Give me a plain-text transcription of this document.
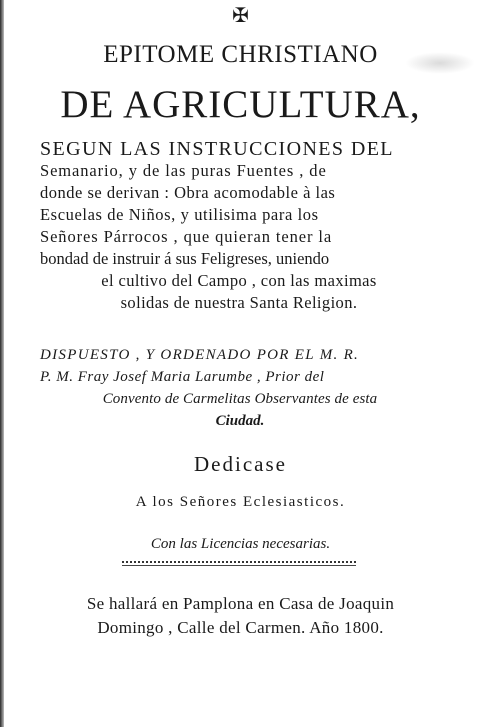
✠
EPITOME CHRISTIANO
DE AGRICULTURA,
SEGUN LAS INSTRUCCIONES DEL
Semanario, y de las puras Fuentes , de
donde se derivan : Obra acomodable à las
Escuelas de Niños, y utilisima para los
Señores Párrocos , que quieran tener la
bondad de instruir á sus Feligreses, uniendo
el cultivo del Campo , con las maximas
solidas de nuestra Santa Religion.
DISPUESTO , Y ORDENADO POR EL M. R.
P. M. Fray Josef Maria Larumbe , Prior del
Convento de Carmelitas Observantes de esta
Ciudad.
Dedicase
A los Señores Eclesiasticos.
Con las Licencias necesarias.
Se hallará en Pamplona en Casa de Joaquin
Domingo , Calle del Carmen. Año 1800.
